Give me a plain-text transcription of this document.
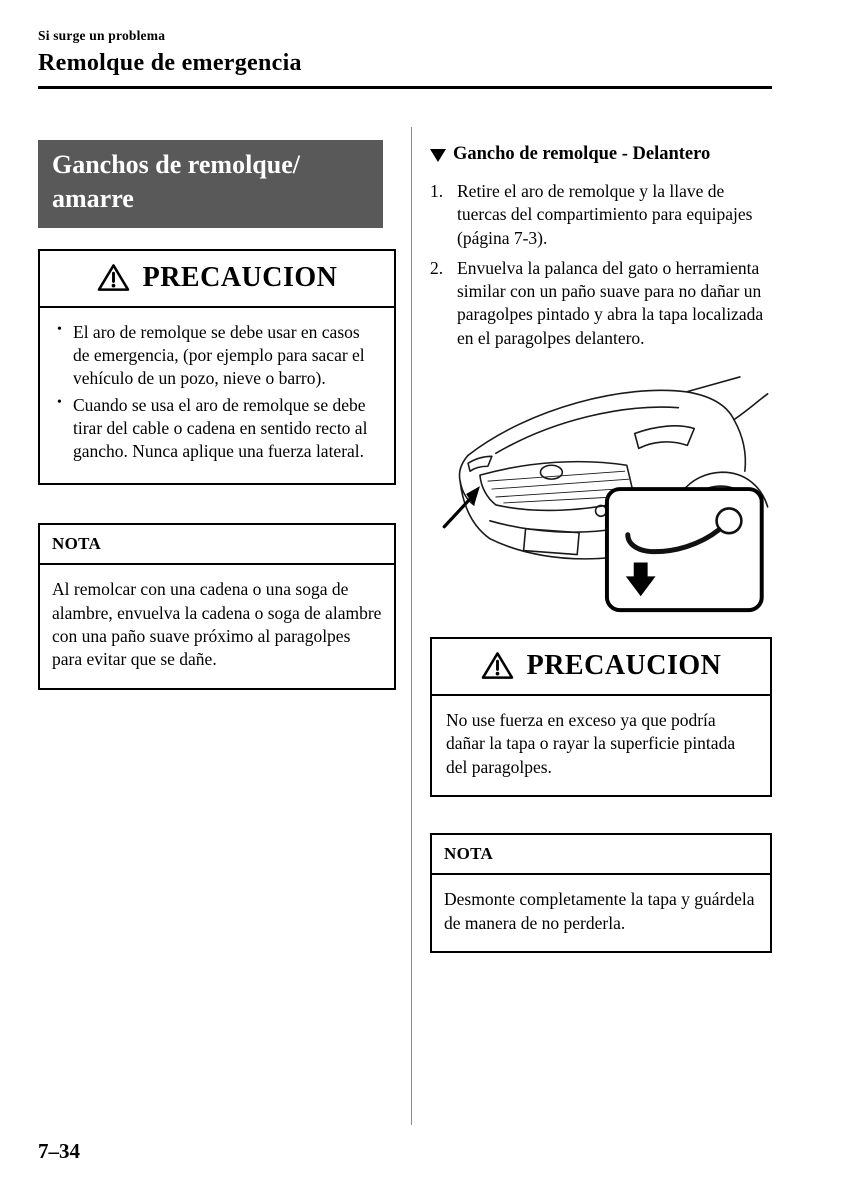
Si surge un problema
Remolque de emergencia
Ganchos de remolque/
amarre
PRECAUCION
• El aro de remolque se debe usar en casos de emergencia, (por ejemplo para sacar el vehículo de un pozo, nieve o barro).
• Cuando se usa el aro de remolque se debe tirar del cable o cadena en sentido recto al gancho. Nunca aplique una fuerza lateral.
NOTA
Al remolcar con una cadena o una soga de alambre, envuelva la cadena o soga de alambre con una paño suave próximo al paragolpes para evitar que se dañe.
Gancho de remolque - Delantero
1. Retire el aro de remolque y la llave de tuercas del compartimiento para equipajes (página 7-3).
2. Envuelva la palanca del gato o herramienta similar con un paño suave para no dañar un paragolpes pintado y abra la tapa localizada en el paragolpes delantero.
PRECAUCION

No use fuerza en exceso ya que podría dañar la tapa o rayar la superficie pintada del paragolpes.

NOTA
Desmonte completamente la tapa y guárdela de manera de no perderla.
7–34
